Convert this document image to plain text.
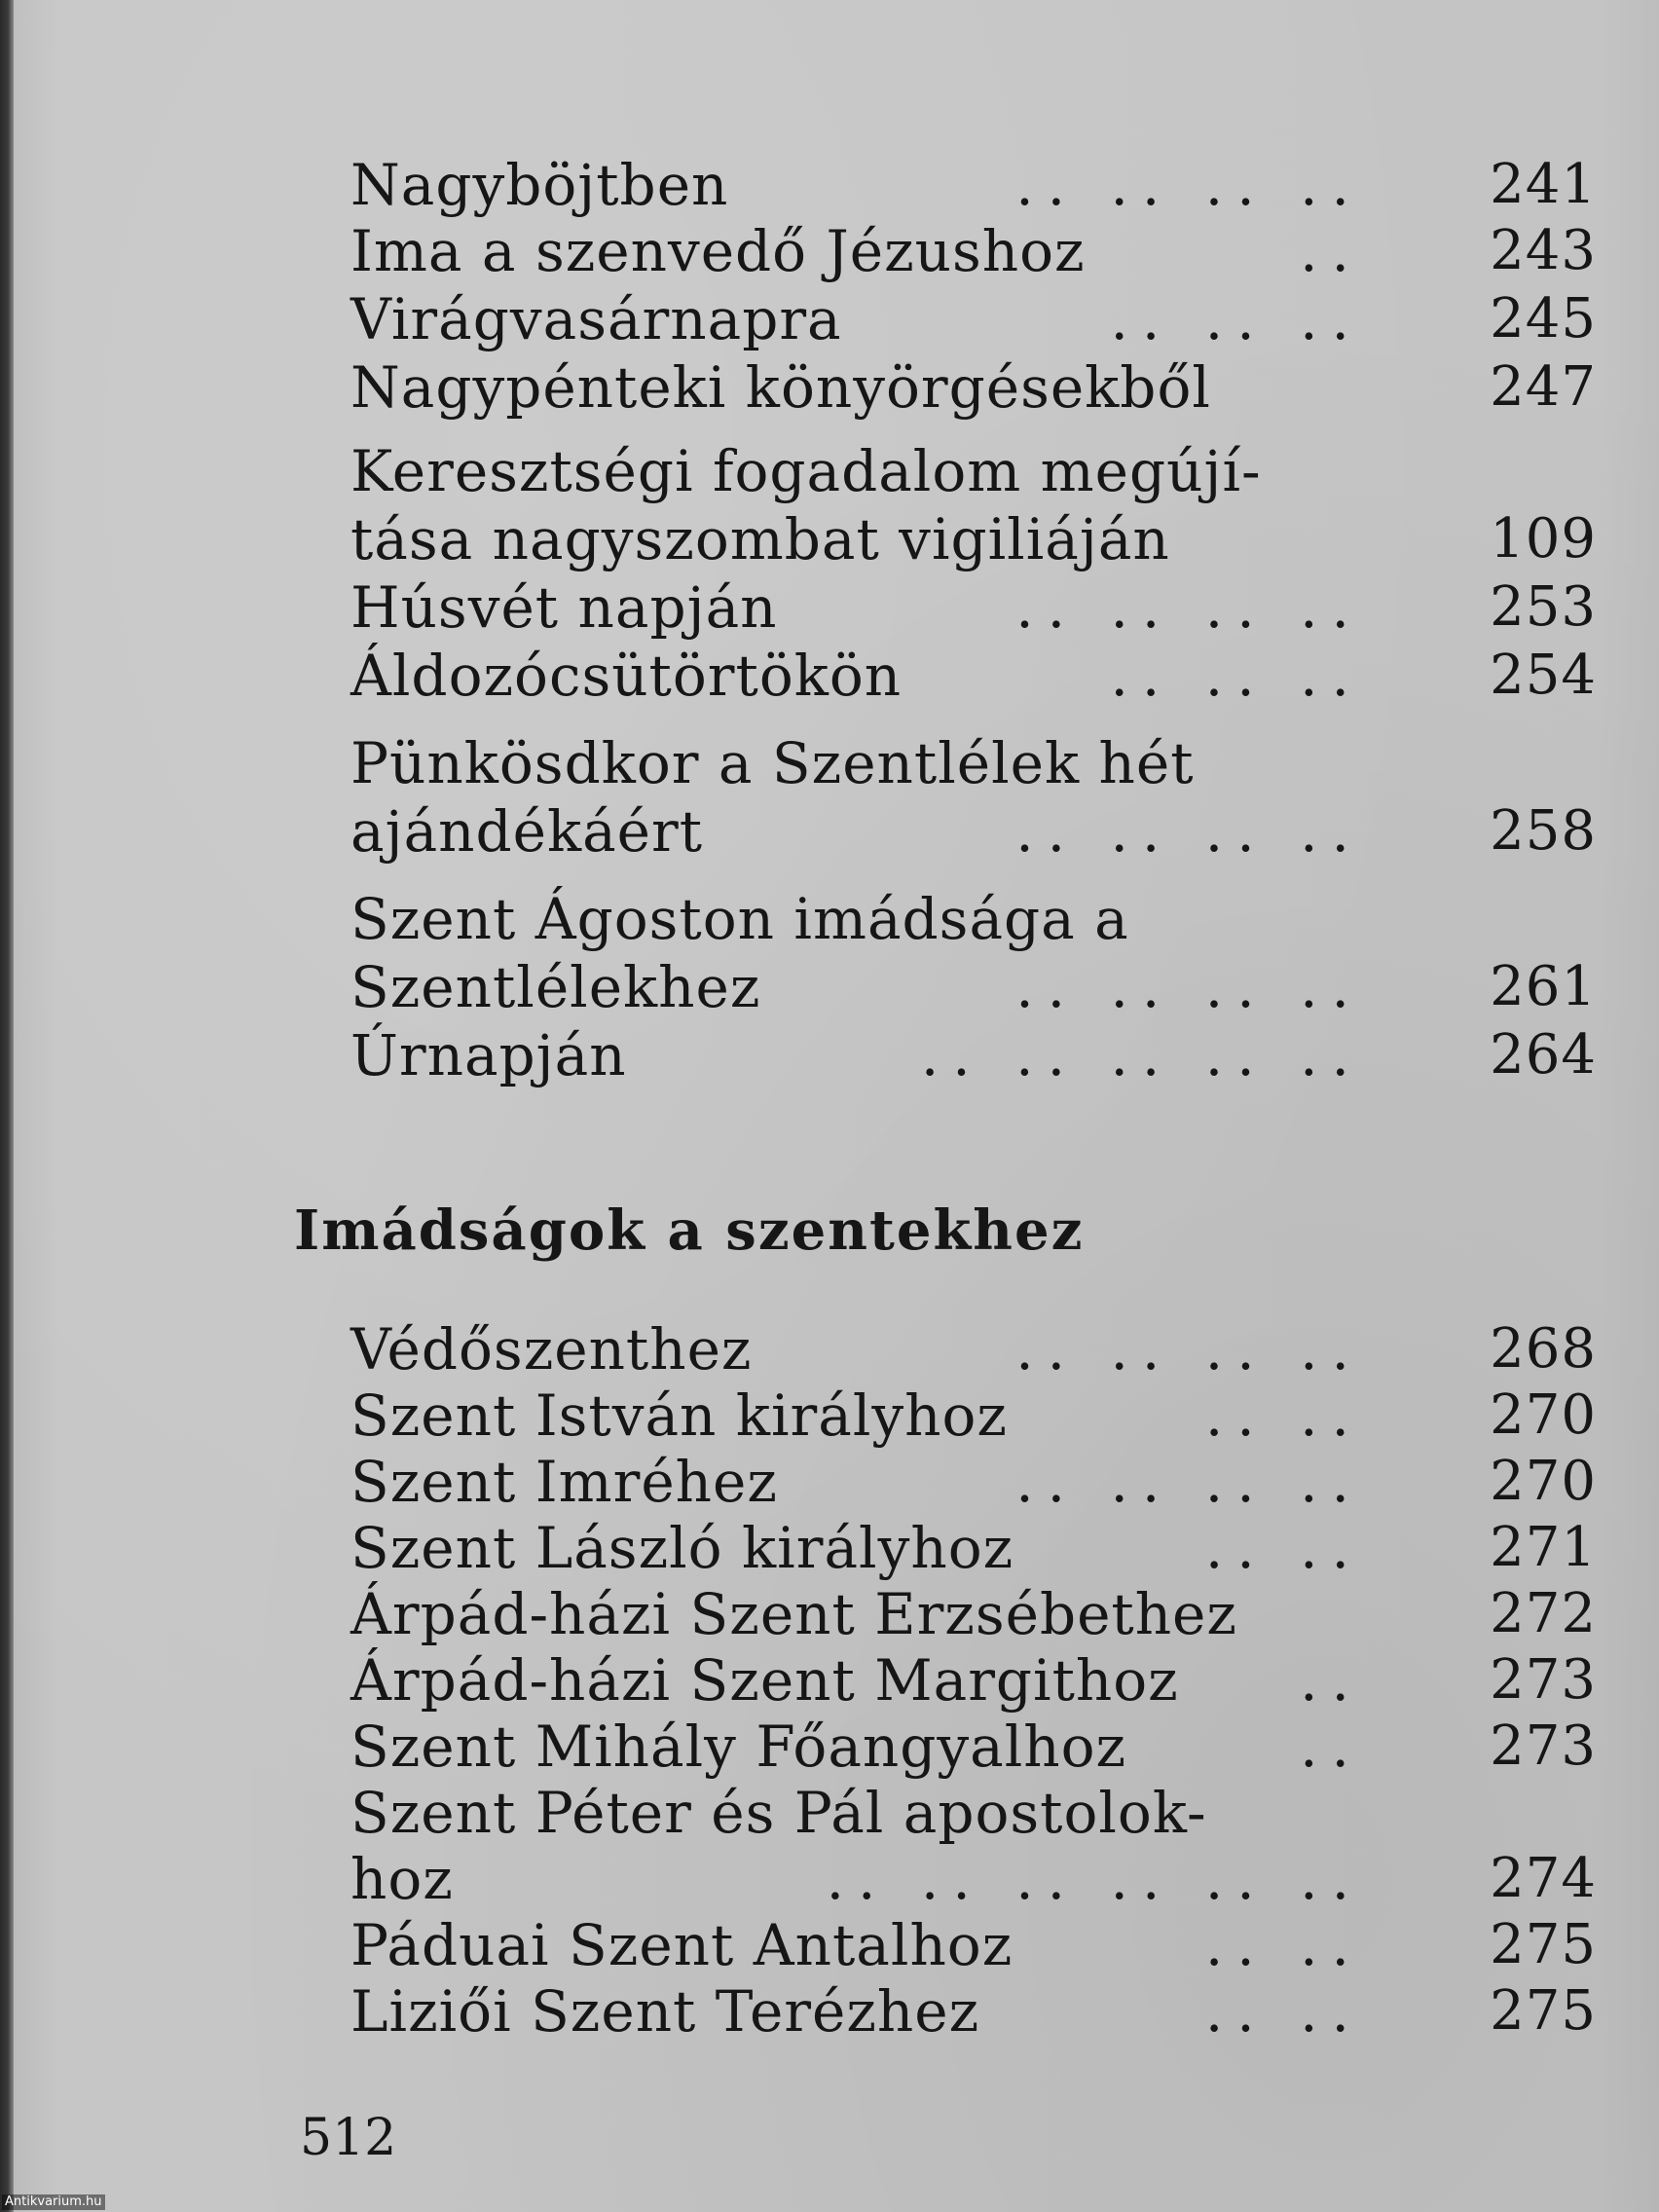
Nagyböjtben	.. .. .. ..	241
Ima a szenvedő Jézushoz	..	243
Virágvasárnapra	.. .. ..	245
Nagypénteki könyörgésekből	247
Keresztségi fogadalom megújí-
tása nagyszombat vigiliáján	109
Húsvét napján	.. .. .. ..	253
Áldozócsütörtökön	.. .. ..	254
Pünkösdkor a Szentlélek hét
ajándékáért	.. .. .. ..	258
Szent Ágoston imádsága a
Szentlélekhez	.. .. .. ..	261
Úrnapján	.. .. .. .. ..	264
Imádságok a szentekhez
Védőszenthez	.. .. .. ..	268
Szent István királyhoz	.. ..	270
Szent Imréhez	.. .. .. ..	270
Szent László királyhoz	.. ..	271
Árpád-házi Szent Erzsébethez	272
Árpád-házi Szent Margithoz	..	273
Szent Mihály Főangyalhoz	..	273
Szent Péter és Pál apostolok-
hoz	.. .. .. .. .. ..	274
Páduai Szent Antalhoz	.. ..	275
Liziői Szent Terézhez	.. ..	275
512
Antikvarium.hu
